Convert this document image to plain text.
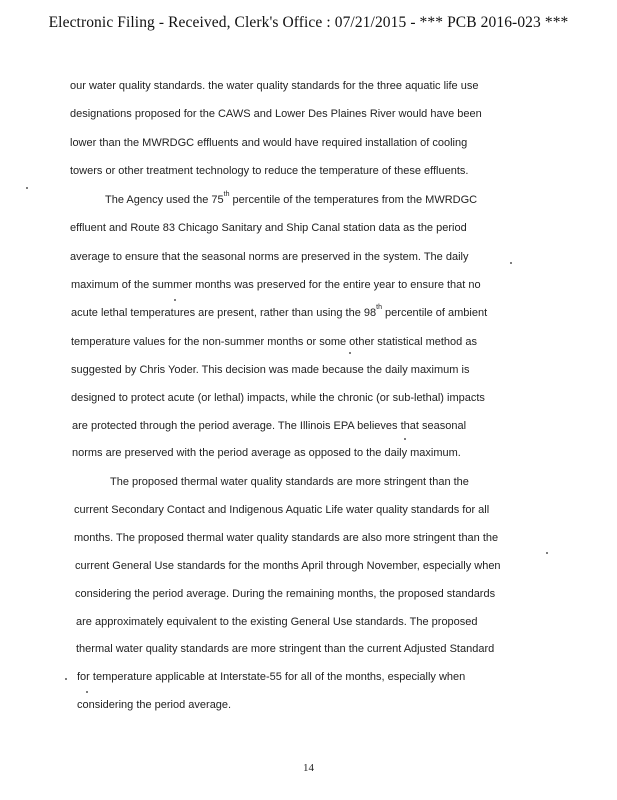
Electronic Filing - Received, Clerk's Office : 07/21/2015 - *** PCB 2016-023 ***
our water quality standards. the water quality standards for the three aquatic life use
designations proposed for the CAWS and Lower Des Plaines River would have been
lower than the MWRDGC effluents and would have required installation of cooling
towers or other treatment technology to reduce the temperature of these effluents.
The Agency used the 75th percentile of the temperatures from the MWRDGC
effluent and Route 83 Chicago Sanitary and Ship Canal station data as the period
average to ensure that the seasonal norms are preserved in the system. The daily
maximum of the summer months was preserved for the entire year to ensure that no
acute lethal temperatures are present, rather than using the 98th percentile of ambient
temperature values for the non-summer months or some other statistical method as
suggested by Chris Yoder. This decision was made because the daily maximum is
designed to protect acute (or lethal) impacts, while the chronic (or sub-lethal) impacts
are protected through the period average. The Illinois EPA believes that seasonal
norms are preserved with the period average as opposed to the daily maximum.
The proposed thermal water quality standards are more stringent than the
current Secondary Contact and Indigenous Aquatic Life water quality standards for all
months. The proposed thermal water quality standards are also more stringent than the
current General Use standards for the months April through November, especially when
considering the period average. During the remaining months, the proposed standards
are approximately equivalent to the existing General Use standards. The proposed
thermal water quality standards are more stringent than the current Adjusted Standard
for temperature applicable at Interstate-55 for all of the months, especially when
considering the period average.
14
